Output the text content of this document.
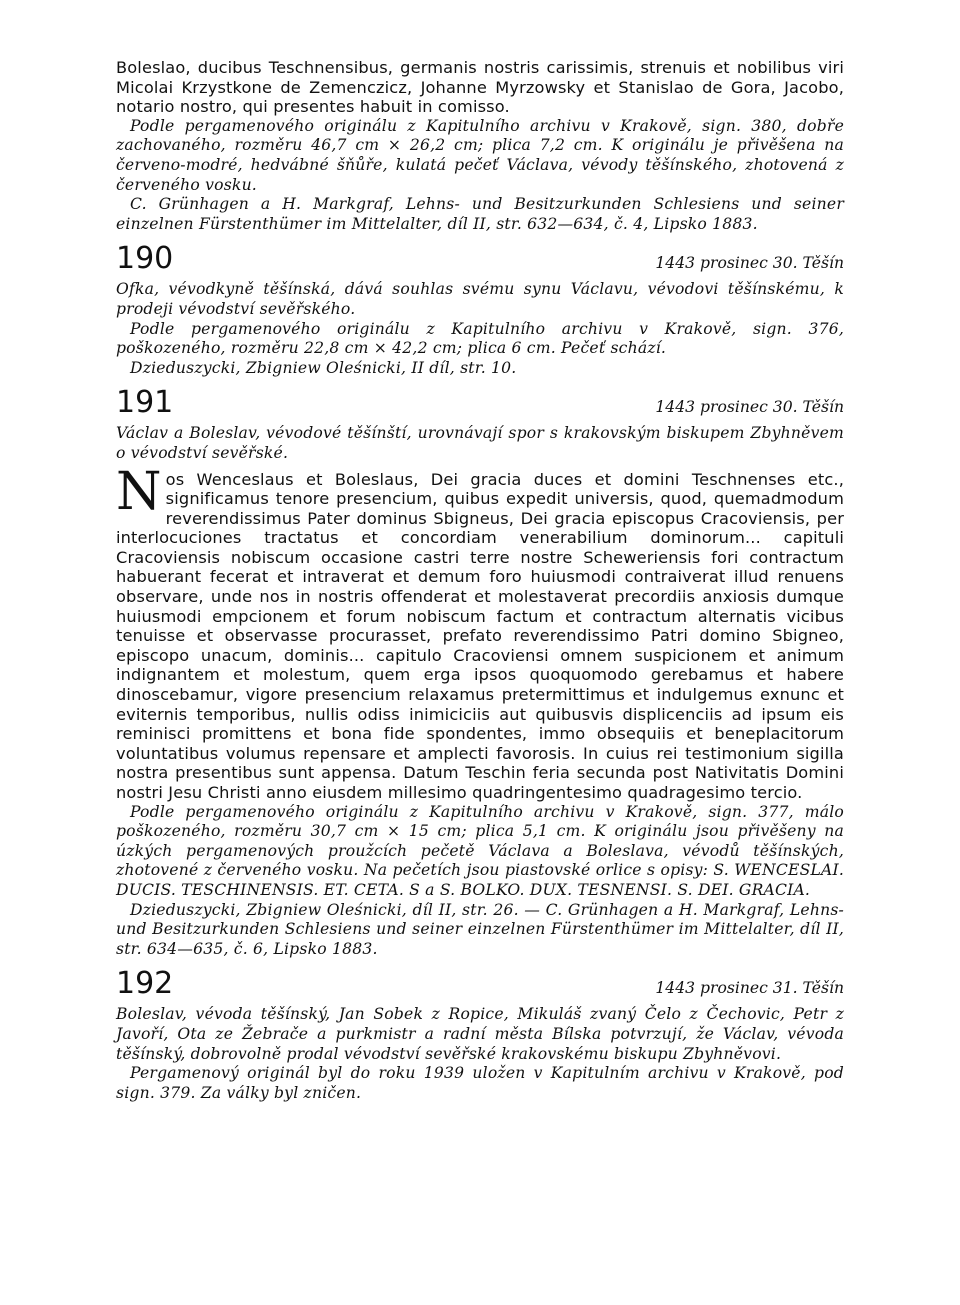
Boleslao, ducibus Teschnensibus, germanis nostris carissimis, strenuis et nobilibus viri Micolai Krzystkone de Zemenczicz, Johanne Myrzowsky et Stanislao de Gora, Jacobo, notario nostro, qui presentes habuit in comisso.

Podle pergamenového originálu z Kapitulního archivu v Krakově, sign. 380, dobře zachovaného, rozměru 46,7 cm × 26,2 cm; plica 7,2 cm. K originálu je přivěšena na červeno-modré, hedvábné šňůře, kulatá pečeť Václava, vévody těšínského, zhotovená z červeného vosku.

C. Grünhagen a H. Markgraf, Lehns- und Besitzurkunden Schlesiens und seiner einzelnen Fürstenthümer im Mittelalter, díl II, str. 632—634, č. 4, Lipsko 1883.

190	1443 prosinec 30. Těšín

Ofka, vévodkyně těšínská, dává souhlas svému synu Václavu, vévodovi těšínskému, k prodeji vévodství sevěřského.

Podle pergamenového originálu z Kapitulního archivu v Krakově, sign. 376, poškozeného, rozměru 22,8 cm × 42,2 cm; plica 6 cm. Pečeť schází.

Dzieduszycki, Zbigniew Oleśnicki, II díl, str. 10.

191	1443 prosinec 30. Těšín

Václav a Boleslav, vévodové těšínští, urovnávají spor s krakovským biskupem Zbyhněvem o vévodství sevěřské.

Nos Wenceslaus et Boleslaus, Dei gracia duces et domini Teschnenses etc., significamus tenore presencium, quibus expedit universis, quod, quemadmodum reverendissimus Pater dominus Sbigneus, Dei gracia episcopus Cracoviensis, per interlocuciones tractatus et concordiam venerabilium dominorum... capituli Cracoviensis nobiscum occasione castri terre nostre Scheweriensis fori contractum habuerant fecerat et intraverat et demum foro huiusmodi contraiverat illud renuens observare, unde nos in nostris offenderat et molestaverat precordiis anxiosis dumque huiusmodi empcionem et forum nobiscum factum et contractum alternatis vicibus tenuisse et observasse procurasset, prefato reverendissimo Patri domino Sbigneo, episcopo unacum, dominis... capitulo Cracoviensi omnem suspicionem et animum indignantem et molestum, quem erga ipsos quoquomodo gerebamus et habere dinoscebamur, vigore presencium relaxamus pretermittimus et indulgemus exnunc et eviternis temporibus, nullis odiss inimiciciis aut quibusvis displicenciis ad ipsum eis reminisci promittens et bona fide spondentes, immo obsequiis et beneplacitorum voluntatibus volumus repensare et amplecti favorosis. In cuius rei testimonium sigilla nostra presentibus sunt appensa. Datum Teschin feria secunda post Nativitatis Domini nostri Jesu Christi anno eiusdem millesimo quadringentesimo quadragesimo tercio.

Podle pergamenového originálu z Kapitulního archivu v Krakově, sign. 377, málo poškozeného, rozměru 30,7 cm × 15 cm; plica 5,1 cm. K originálu jsou přivěšeny na úzkých pergamenových proužcích pečetě Václava a Boleslava, vévodů těšínských, zhotovené z červeného vosku. Na pečetích jsou piastovské orlice s opisy: S. WENCESLAI. DUCIS. TESCHINENSIS. ET. CETA. S a S. BOLKO. DUX. TESNENSI. S. DEI. GRACIA.

Dzieduszycki, Zbigniew Oleśnicki, díl II, str. 26. — C. Grünhagen a H. Markgraf, Lehns- und Besitzurkunden Schlesiens und seiner einzelnen Fürstenthümer im Mittelalter, díl II, str. 634—635, č. 6, Lipsko 1883.

192	1443 prosinec 31. Těšín

Boleslav, vévoda těšínský, Jan Sobek z Ropice, Mikuláš zvaný Čelo z Čechovic, Petr z Javoří, Ota ze Žebrače a purkmistr a radní města Bílska potvrzují, že Václav, vévoda těšínský, dobrovolně prodal vévodství sevěřské krakovskému biskupu Zbyhněvovi.

Pergamenový originál byl do roku 1939 uložen v Kapitulním archivu v Krakově, pod sign. 379. Za války byl zničen.
